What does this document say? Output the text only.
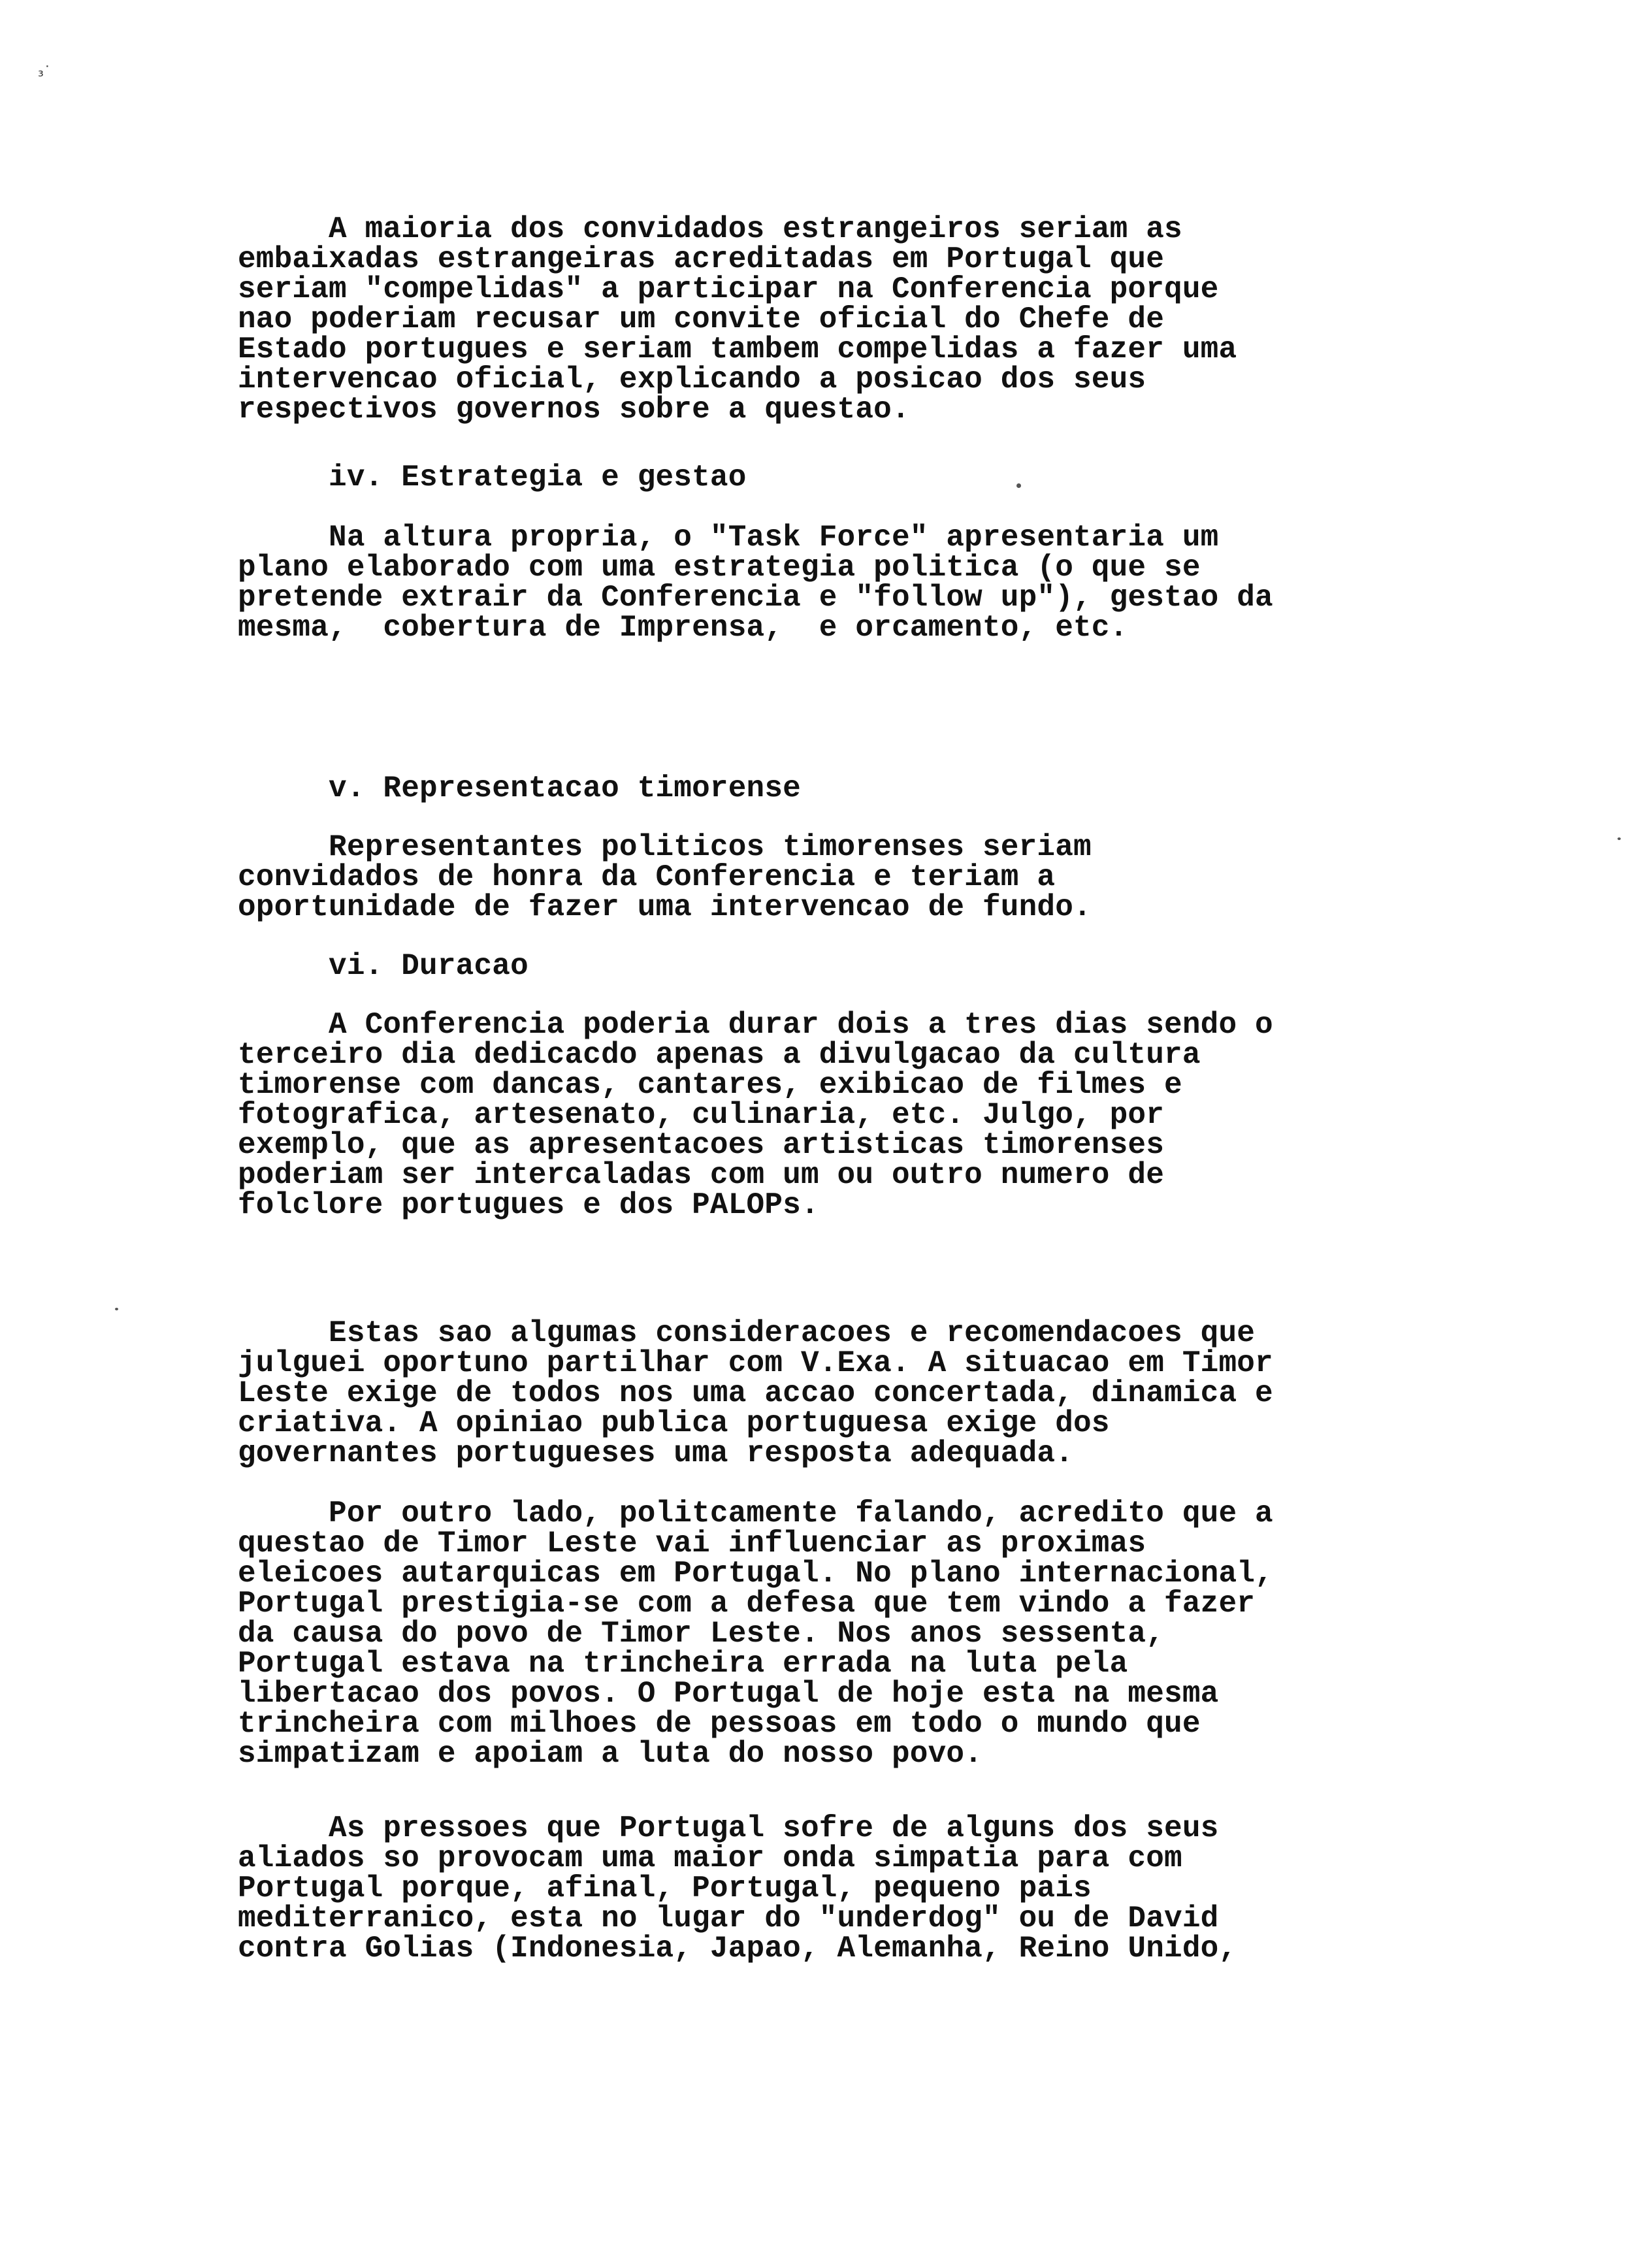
₃˙
A maioria dos convidados estrangeiros seriam as
embaixadas estrangeiras acreditadas em Portugal que
seriam "compelidas" a participar na Conferencia porque
nao poderiam recusar um convite oficial do Chefe de
Estado portugues e seriam tambem compelidas a fazer uma
intervencao oficial, explicando a posicao dos seus
respectivos governos sobre a questao.
iv. Estrategia e gestao
Na altura propria, o "Task Force" apresentaria um
plano elaborado com uma estrategia politica (o que se
pretende extrair da Conferencia e "follow up"), gestao da
mesma,  cobertura de Imprensa,  e orcamento, etc.
v. Representacao timorense
Representantes politicos timorenses seriam
convidados de honra da Conferencia e teriam a
oportunidade de fazer uma intervencao de fundo.
vi. Duracao
A Conferencia poderia durar dois a tres dias sendo o
terceiro dia dedicacdo apenas a divulgacao da cultura
timorense com dancas, cantares, exibicao de filmes e
fotografica, artesenato, culinaria, etc. Julgo, por
exemplo, que as apresentacoes artisticas timorenses
poderiam ser intercaladas com um ou outro numero de
folclore portugues e dos PALOPs.
Estas sao algumas consideracoes e recomendacoes que
julguei oportuno partilhar com V.Exa. A situacao em Timor
Leste exige de todos nos uma accao concertada, dinamica e
criativa. A opiniao publica portuguesa exige dos
governantes portugueses uma resposta adequada.
Por outro lado, politcamente falando, acredito que a
questao de Timor Leste vai influenciar as proximas
eleicoes autarquicas em Portugal. No plano internacional,
Portugal prestigia-se com a defesa que tem vindo a fazer
da causa do povo de Timor Leste. Nos anos sessenta,
Portugal estava na trincheira errada na luta pela
libertacao dos povos. O Portugal de hoje esta na mesma
trincheira com milhoes de pessoas em todo o mundo que
simpatizam e apoiam a luta do nosso povo.
As pressoes que Portugal sofre de alguns dos seus
aliados so provocam uma maior onda simpatia para com
Portugal porque, afinal, Portugal, pequeno pais
mediterranico, esta no lugar do "underdog" ou de David
contra Golias (Indonesia, Japao, Alemanha, Reino Unido,
